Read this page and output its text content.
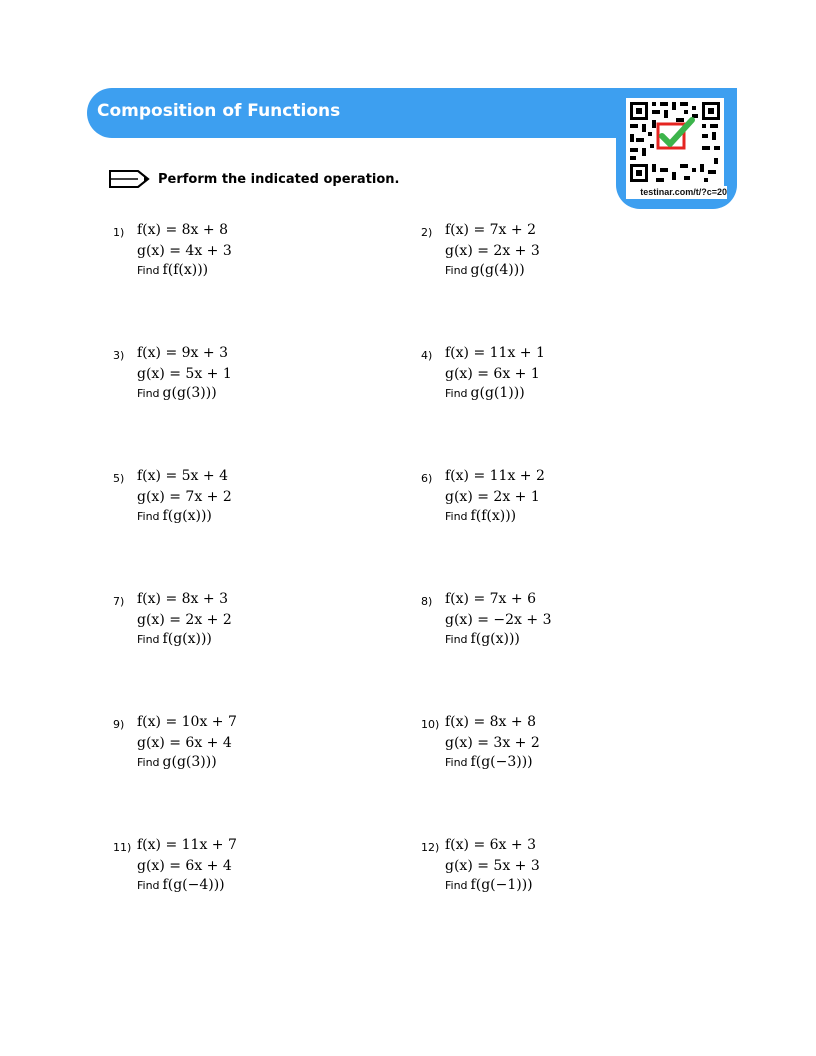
Composition of Functions
testinar.com/t/?c=20
Perform the indicated operation.
1) f(x) = 8x + 8
g(x) = 4x + 3
Find f(f(x)))
2) f(x) = 7x + 2
g(x) = 2x + 3
Find g(g(4)))
3) f(x) = 9x + 3
g(x) = 5x + 1
Find g(g(3)))
4) f(x) = 11x + 1
g(x) = 6x + 1
Find g(g(1)))
5) f(x) = 5x + 4
g(x) = 7x + 2
Find f(g(x)))
6) f(x) = 11x + 2
g(x) = 2x + 1
Find f(f(x)))
7) f(x) = 8x + 3
g(x) = 2x + 2
Find f(g(x)))
8) f(x) = 7x + 6
g(x) = −2x + 3
Find f(g(x)))
9) f(x) = 10x + 7
g(x) = 6x + 4
Find g(g(3)))
10) f(x) = 8x + 8
g(x) = 3x + 2
Find f(g(−3)))
11) f(x) = 11x + 7
g(x) = 6x + 4
Find f(g(−4)))
12) f(x) = 6x + 3
g(x) = 5x + 3
Find f(g(−1)))
